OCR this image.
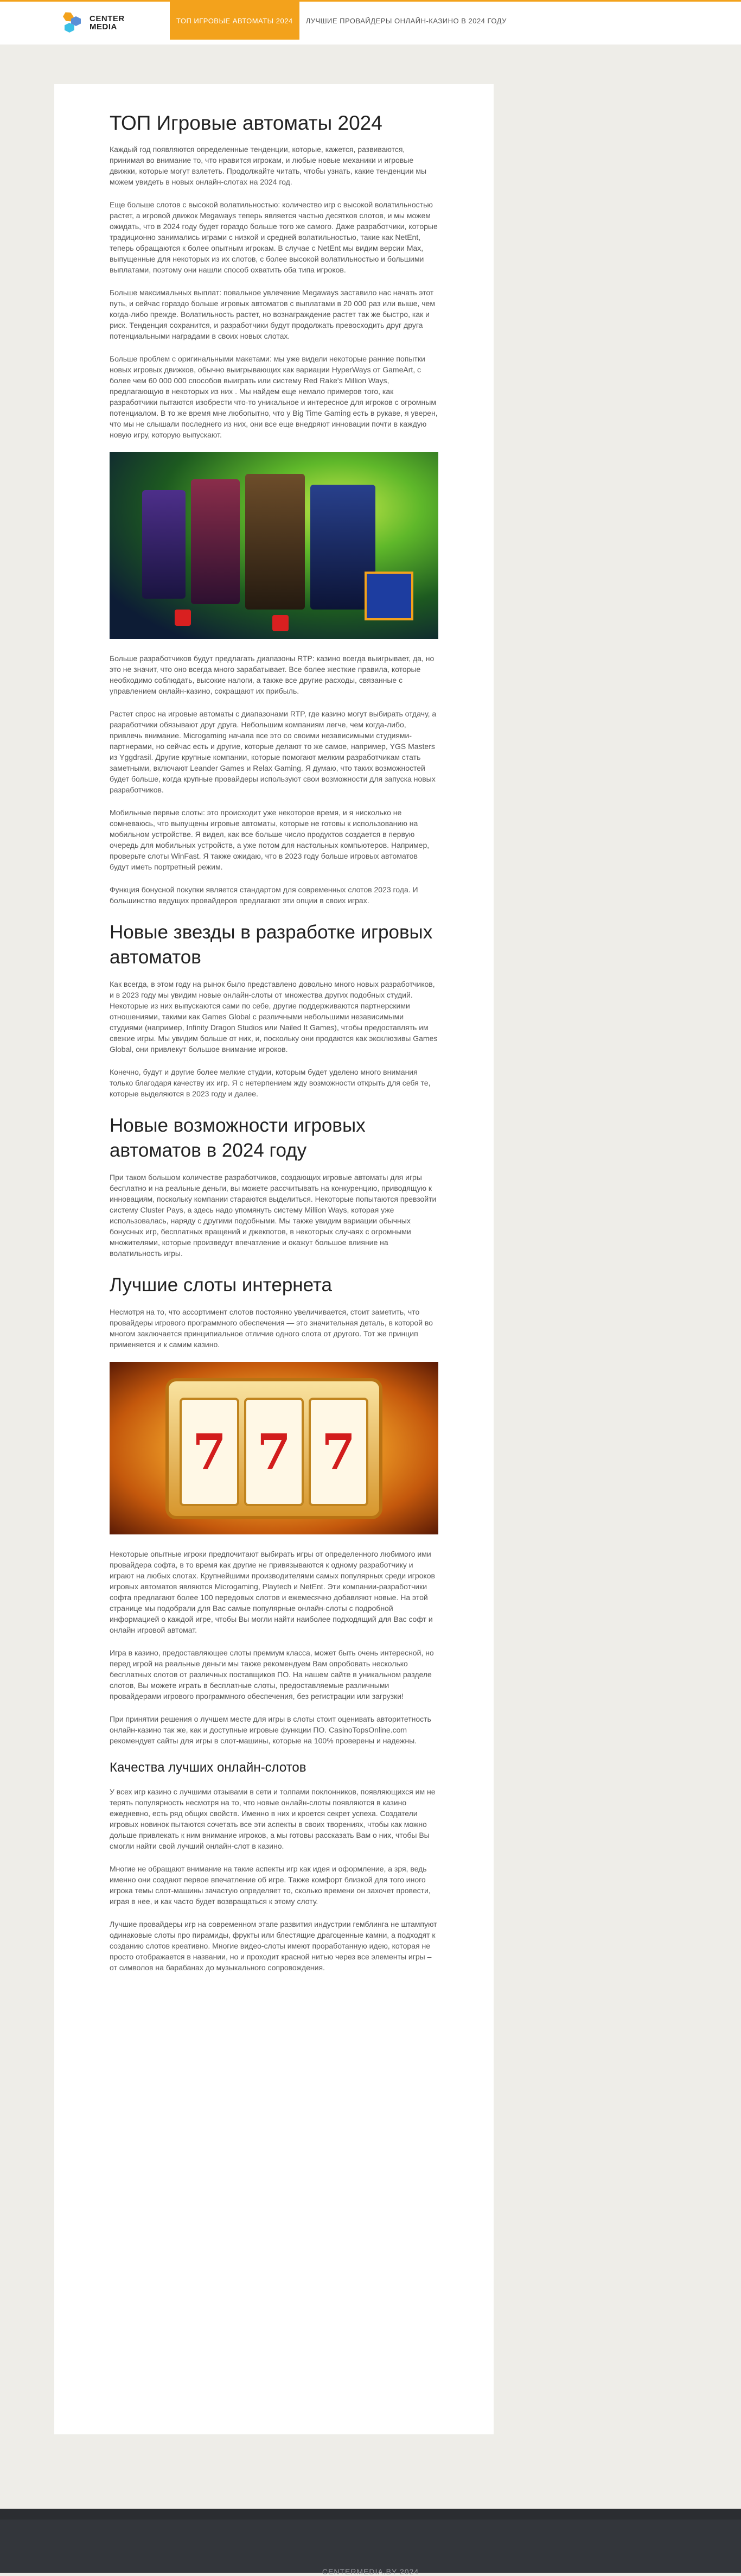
CENTER
MEDIA
ТОП ИГРОВЫЕ АВТОМАТЫ 2024	ЛУЧШИЕ ПРОВАЙДЕРЫ ОНЛАЙН-КАЗИНО В 2024 ГОДУ
ТОП Игровые автоматы 2024

Каждый год появляются определенные тенденции, которые, кажется, развиваются, принимая во внимание то, что нравится игрокам, и любые новые механики и игровые движки, которые могут взлететь. Продолжайте читать, чтобы узнать, какие тенденции мы можем увидеть в новых онлайн-слотах на 2024 год.

Еще больше слотов с высокой волатильностью: количество игр с высокой волатильностью растет, а игровой движок Megaways теперь является частью десятков слотов, и мы можем ожидать, что в 2024 году будет гораздо больше того же самого. Даже разработчики, которые традиционно занимались играми с низкой и средней волатильностью, такие как NetEnt, теперь обращаются к более опытным игрокам. В случае с NetEnt мы видим версии Max, выпущенные для некоторых из их слотов, с более высокой волатильностью и большими выплатами, поэтому они нашли способ охватить оба типа игроков.

Больше максимальных выплат: повальное увлечение Megaways заставило нас начать этот путь, и сейчас гораздо больше игровых автоматов с выплатами в 20 000 раз или выше, чем когда-либо прежде. Волатильность растет, но вознаграждение растет так же быстро, как и риск. Тенденция сохранится, и разработчики будут продолжать превосходить друг друга потенциальными наградами в своих новых слотах.

Больше проблем с оригинальными макетами: мы уже видели некоторые ранние попытки новых игровых движков, обычно выигрывающих как вариации HyperWays от GameArt, с более чем 60 000 000 способов выиграть или систему Red Rake's Million Ways, предлагающую в некоторых из них . Мы найдем еще немало примеров того, как разработчики пытаются изобрести что-то уникальное и интересное для игроков с огромным потенциалом. В то же время мне любопытно, что у Big Time Gaming есть в рукаве, я уверен, что мы не слышали последнего из них, они все еще внедряют инновации почти в каждую новую игру, которую выпускают.

Больше разработчиков будут предлагать диапазоны RTP: казино всегда выигрывает, да, но это не значит, что оно всегда много зарабатывает. Все более жесткие правила, которые необходимо соблюдать, высокие налоги, а также все другие расходы, связанные с управлением онлайн-казино, сокращают их прибыль.

Растет спрос на игровые автоматы с диапазонами RTP, где казино могут выбирать отдачу, а разработчики обязывают друг друга. Небольшим компаниям легче, чем когда-либо, привлечь внимание. Microgaming начала все это со своими независимыми студиями-партнерами, но сейчас есть и другие, которые делают то же самое, например, YGS Masters из Yggdrasil. Другие крупные компании, которые помогают мелким разработчикам стать заметными, включают Leander Games и Relax Gaming. Я думаю, что таких возможностей будет больше, когда крупные провайдеры используют свои возможности для запуска новых разработчиков.

Мобильные первые слоты: это происходит уже некоторое время, и я нисколько не сомневаюсь, что выпущены игровые автоматы, которые не готовы к использованию на мобильном устройстве. Я видел, как все больше число продуктов создается в первую очередь для мобильных устройств, а уже потом для настольных компьютеров. Например, проверьте слоты WinFast. Я также ожидаю, что в 2023 году больше игровых автоматов будут иметь портретный режим.

Функция бонусной покупки является стандартом для современных слотов 2023 года. И большинство ведущих провайдеров предлагают эти опции в своих играх.

Новые звезды в разработке игровых автоматов

Как всегда, в этом году на рынок было представлено довольно много новых разработчиков, и в 2023 году мы увидим новые онлайн-слоты от множества других подобных студий. Некоторые из них выпускаются сами по себе, другие поддерживаются партнерскими отношениями, такими как Games Global с различными небольшими независимыми студиями (например, Infinity Dragon Studios или Nailed It Games), чтобы предоставлять им свежие игры. Мы увидим больше от них, и, поскольку они продаются как эксклюзивы Games Global, они привлекут большое внимание игроков.

Конечно, будут и другие более мелкие студии, которым будет уделено много внимания только благодаря качеству их игр. Я с нетерпением жду возможности открыть для себя те, которые выделяются в 2023 году и далее.

Новые возможности игровых автоматов в 2024 году

При таком большом количестве разработчиков, создающих игровые автоматы для игры бесплатно и на реальные деньги, вы можете рассчитывать на конкуренцию, приводящую к инновациям, поскольку компании стараются выделиться. Некоторые попытаются превзойти систему Cluster Pays, а здесь надо упомянуть систему Million Ways, которая уже использовалась, наряду с другими подобными. Мы также увидим вариации обычных бонусных игр, бесплатных вращений и джекпотов, в некоторых случаях с огромными множителями, которые произведут впечатление и окажут большое влияние на волатильность игры.

Лучшие слоты интернета

Несмотря на то, что ассортимент слотов постоянно увеличивается, стоит заметить, что провайдеры игрового программного обеспечения — это значительная деталь, в которой во многом заключается принципиальное отличие одного слота от другого. Тот же принцип применяется и к самим казино.

7 7 7

Некоторые опытные игроки предпочитают выбирать игры от определенного любимого ими провайдера софта, в то время как другие не привязываются к одному разработчику и играют на любых слотах. Крупнейшими производителями самых популярных среди игроков игровых автоматов являются Microgaming, Playtech и NetEnt. Эти компании-разработчики софта предлагают более 100 передовых слотов и ежемесячно добавляют новые. На этой странице мы подобрали для Вас самые популярные онлайн-слоты с подробной информацией о каждой игре, чтобы Вы могли найти наиболее подходящий для Вас софт и онлайн игровой автомат.

Игра в казино, предоставляющее слоты премиум класса, может быть очень интересной, но перед игрой на реальные деньги мы также рекомендуем Вам опробовать несколько бесплатных слотов от различных поставщиков ПО. На нашем сайте в уникальном разделе слотов, Вы можете играть в бесплатные слоты, предоставляемые различными провайдерами игрового программного обеспечения, без регистрации или загрузки!

При принятии решения о лучшем месте для игры в слоты стоит оценивать авторитетность онлайн-казино так же, как и доступные игровые функции ПО. CasinoTopsOnline.com рекомендует сайты для игры в слот-машины, которые на 100% проверены и надежны.

Качества лучших онлайн-слотов

У всех игр казино с лучшими отзывами в сети и толпами поклонников, появляющихся им не терять популярность несмотря на то, что новые онлайн-слоты появляются в казино ежедневно, есть ряд общих свойств. Именно в них и кроется секрет успеха. Создатели игровых новинок пытаются сочетать все эти аспекты в своих творениях, чтобы как можно дольше привлекать к ним внимание игроков, а мы готовы рассказать Вам о них, чтобы Вы смогли найти свой лучший онлайн-слот в казино.

Многие не обращают внимание на такие аспекты игр как идея и оформление, а зря, ведь именно они создают первое впечатление об игре. Также комфорт близкой для того иного игрока темы слот-машины зачастую определяет то, сколько времени он захочет провести, играя в нее, и как часто будет возвращаться к этому слоту.

Лучшие провайдеры игр на современном этапе развития индустрии гемблинга не штампуют одинаковые слоты про пирамиды, фрукты или блестящие драгоценные камни, а подходят к созданию слотов креативно. Многие видео-слоты имеют проработанную идею, которая не просто отображается в названии, но и проходит красной нитью через все элементы игры – от символов на барабанах до музыкального сопровождения.

CENTERMEDIA.BY 2024
